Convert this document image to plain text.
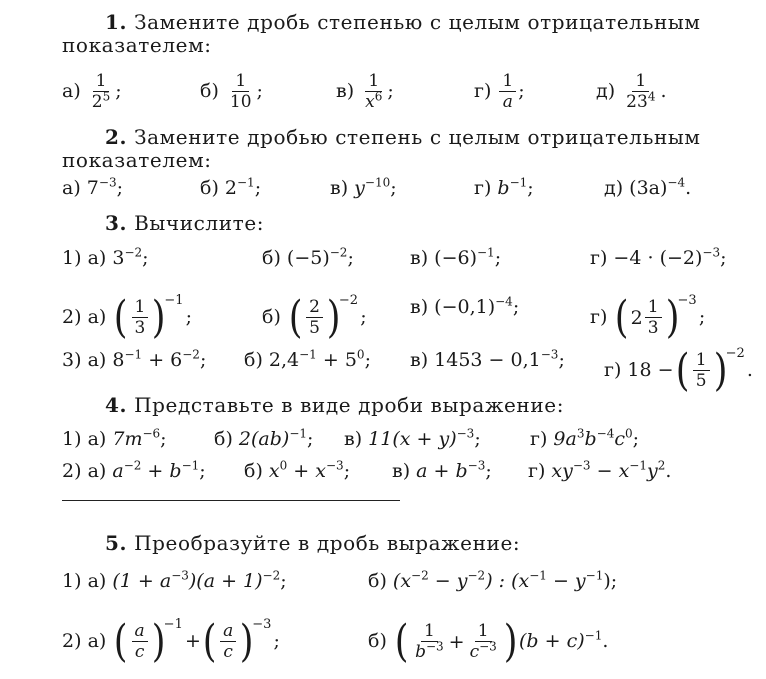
1. Замените дробь степенью с целым отрицательным
показателем:
$а) \frac{1}{2^5}$ ;	$б) \frac{1}{10}$ ;	$в) \frac{1}{x^6}$ ;	$г) \frac{1}{a}$ ;	$д) \frac{1}{23^4}$ .
2. Замените дробью степень с целым отрицательным
показателем:
а) $7^{-3}$;	б) $2^{-1}$;	в) $y^{-10}$;	г) $b^{-1}$;	д) $(3a)^{-4}$.
3. Вычислите:
1) а) $3^{-2}$;	б) $(-5)^{-2}$;	в) $(-6)^{-1}$;	$г) -4 \cdot (-2)^{-3}$;
2) а) ( 1
3 )
−1
;	б) ( 2
5 )
−2
; в) $(-0,1)^{-4}$;	г) ( 2 1
3 )
−3
;
3) а) $8^{-1} + 6^{-2}$; б) $2,4^{-1} + 5^0$; в) $1453 - 0,1^{-3}$; г) 18 − ( 1
5 )
−2
.
4. Представьте в виде дроби выражение:
1) а) $7m^{-6}$; б) 2(ab)$^{-1}$; в) $11(x + y)^{-3}$;	г) $9a^3b^{-4}c^0$;
2) а) $a^{-2} + b^{-1}$; б) $x^0 + x^{-3}$; в) $a + b^{-3}$; г) $xy^{-3} - x^{-1}y^2$.
5. Преобразуйте в дробь выражение:
1) а) $(1 + a^{-3})(a + 1)^{-2}$;	б) $(x^{-2} - y^{-2})$ : $(x^{-1} - y^{-1})$;
2) а) ( a
c )
−1
+ ( a
c )
−3
;	б) ( 1
$b^{-3} + \frac{1}{c^{-3}}$ ) $(b + c)^{-1}$.
